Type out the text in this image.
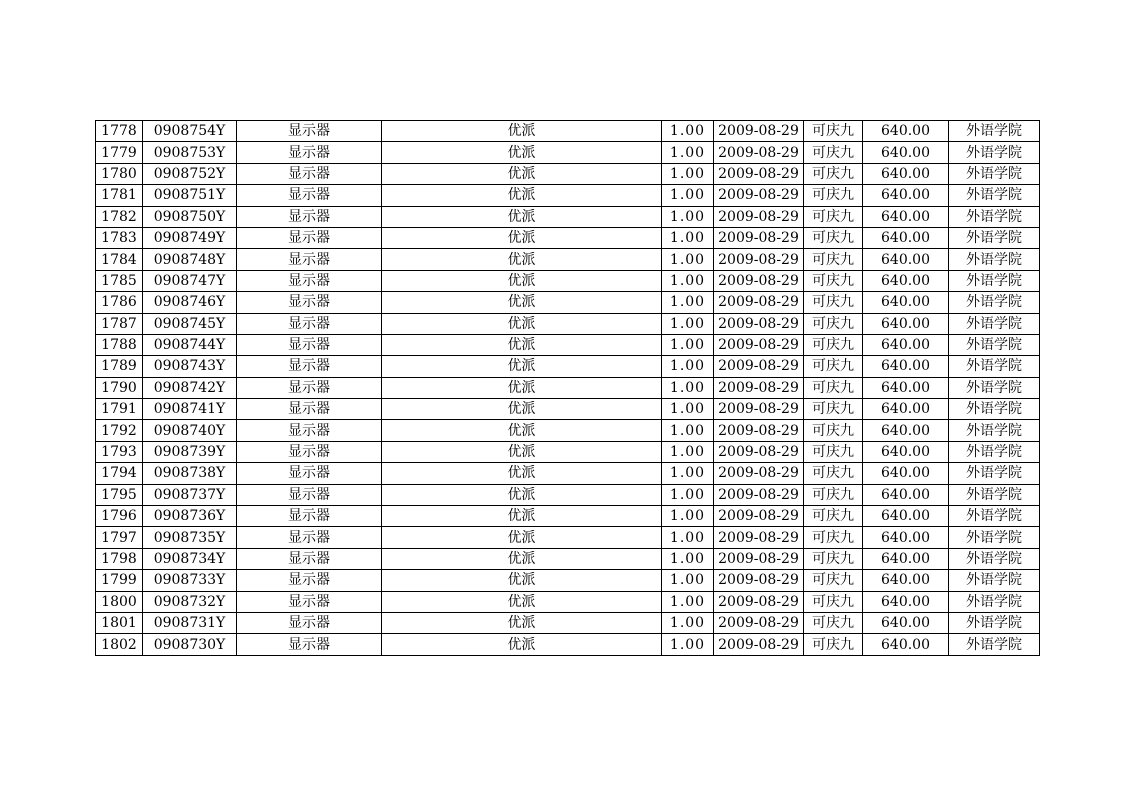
1778	0908754Y	显示器	优派	1.00	2009-08-29	可庆九	640.00	外语学院
1779	0908753Y	显示器	优派	1.00	2009-08-29	可庆九	640.00	外语学院
1780	0908752Y	显示器	优派	1.00	2009-08-29	可庆九	640.00	外语学院
1781	0908751Y	显示器	优派	1.00	2009-08-29	可庆九	640.00	外语学院
1782	0908750Y	显示器	优派	1.00	2009-08-29	可庆九	640.00	外语学院
1783	0908749Y	显示器	优派	1.00	2009-08-29	可庆九	640.00	外语学院
1784	0908748Y	显示器	优派	1.00	2009-08-29	可庆九	640.00	外语学院
1785	0908747Y	显示器	优派	1.00	2009-08-29	可庆九	640.00	外语学院
1786	0908746Y	显示器	优派	1.00	2009-08-29	可庆九	640.00	外语学院
1787	0908745Y	显示器	优派	1.00	2009-08-29	可庆九	640.00	外语学院
1788	0908744Y	显示器	优派	1.00	2009-08-29	可庆九	640.00	外语学院
1789	0908743Y	显示器	优派	1.00	2009-08-29	可庆九	640.00	外语学院
1790	0908742Y	显示器	优派	1.00	2009-08-29	可庆九	640.00	外语学院
1791	0908741Y	显示器	优派	1.00	2009-08-29	可庆九	640.00	外语学院
1792	0908740Y	显示器	优派	1.00	2009-08-29	可庆九	640.00	外语学院
1793	0908739Y	显示器	优派	1.00	2009-08-29	可庆九	640.00	外语学院
1794	0908738Y	显示器	优派	1.00	2009-08-29	可庆九	640.00	外语学院
1795	0908737Y	显示器	优派	1.00	2009-08-29	可庆九	640.00	外语学院
1796	0908736Y	显示器	优派	1.00	2009-08-29	可庆九	640.00	外语学院
1797	0908735Y	显示器	优派	1.00	2009-08-29	可庆九	640.00	外语学院
1798	0908734Y	显示器	优派	1.00	2009-08-29	可庆九	640.00	外语学院
1799	0908733Y	显示器	优派	1.00	2009-08-29	可庆九	640.00	外语学院
1800	0908732Y	显示器	优派	1.00	2009-08-29	可庆九	640.00	外语学院
1801	0908731Y	显示器	优派	1.00	2009-08-29	可庆九	640.00	外语学院
1802	0908730Y	显示器	优派	1.00	2009-08-29	可庆九	640.00	外语学院
